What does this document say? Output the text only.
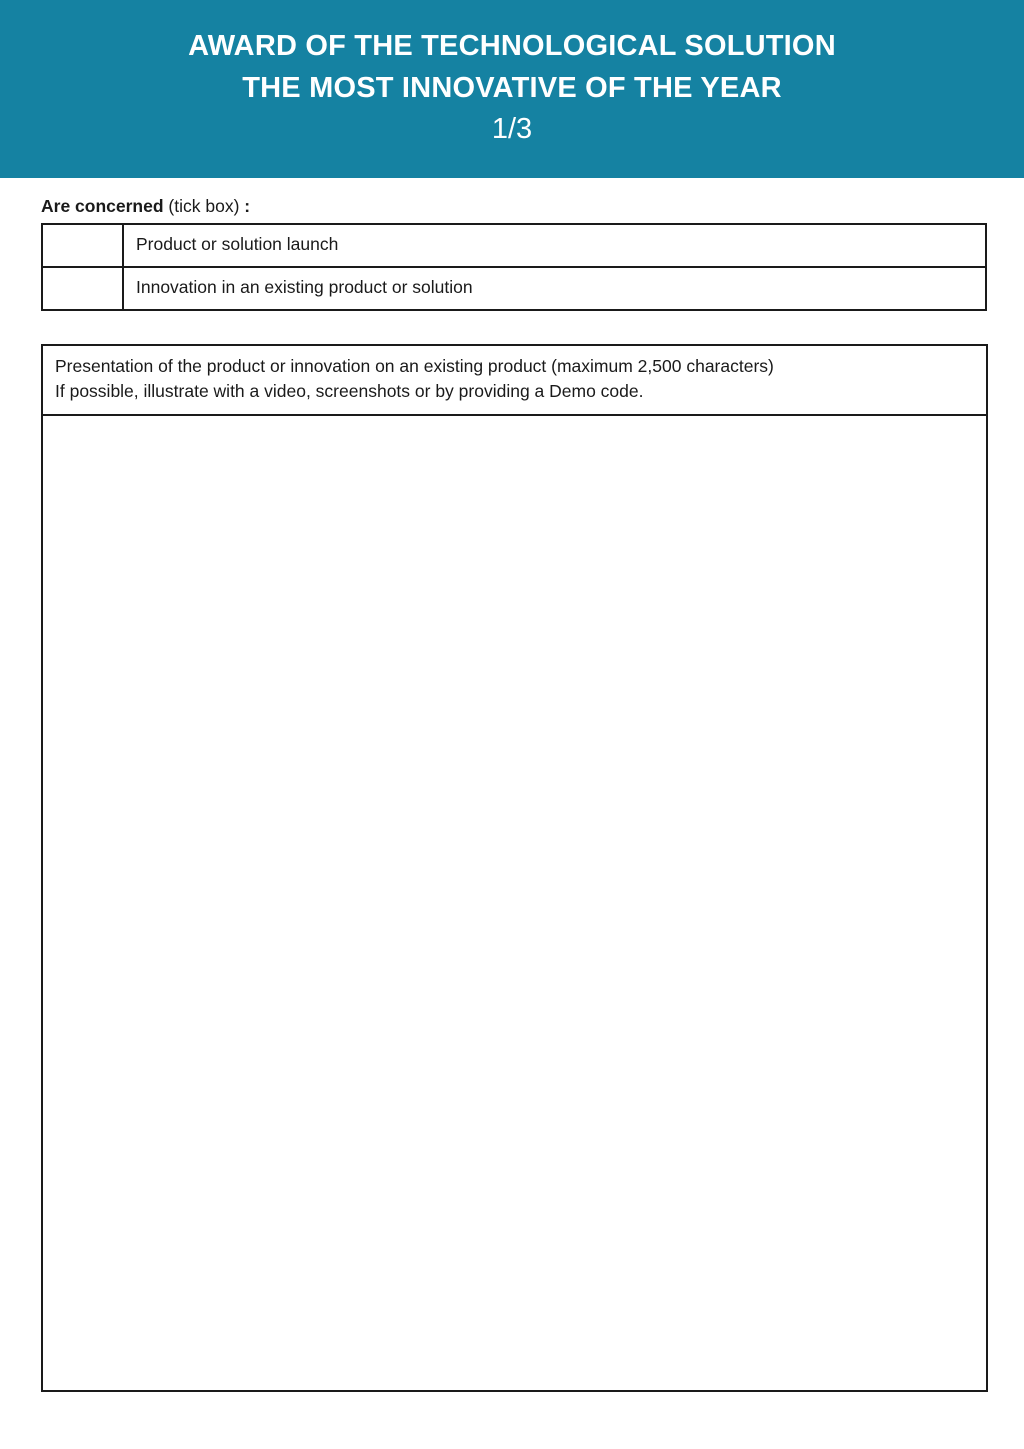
AWARD OF THE TECHNOLOGICAL SOLUTION
THE MOST INNOVATIVE OF THE YEAR
1/3
Are concerned (tick box) :

	Product or solution launch

	Innovation in an existing product or solution
Presentation of the product or innovation on an existing product (maximum 2,500 characters)
If possible, illustrate with a video, screenshots or by providing a Demo code.
